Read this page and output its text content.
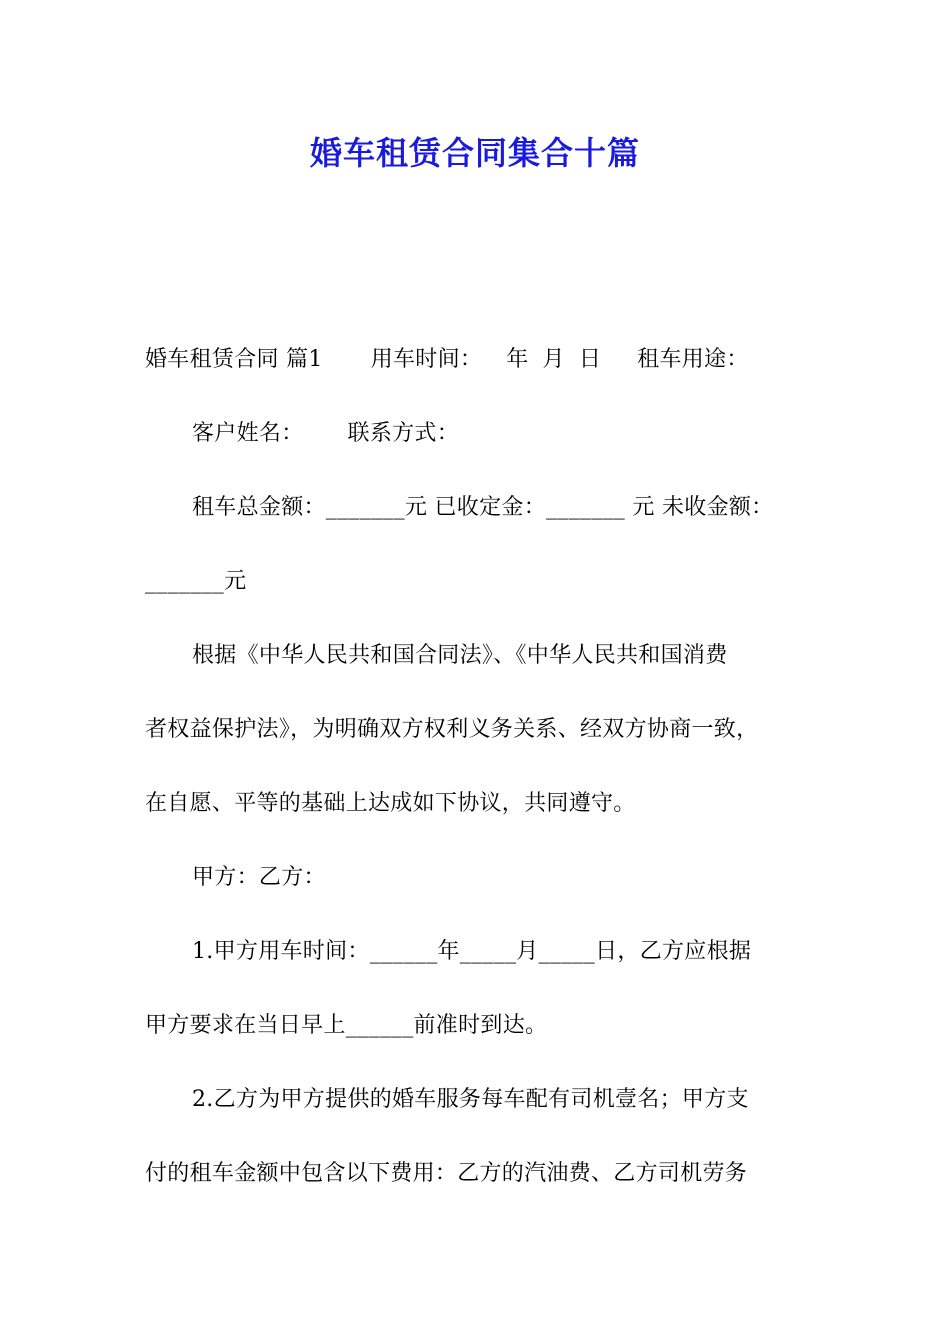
婚车租赁合同集合十篇
婚车租赁合同 篇1 用车时间： 年 月 日 租车用途：
客户姓名： 联系方式：
租车总金额：_______元 已收定金：_______ 元 未收金额：
_______元
根据《中华人民共和国合同法》、《中华人民共和国消费
者权益保护法》，为明确双方权利义务关系、经双方协商一致，
在自愿、平等的基础上达成如下协议，共同遵守。
甲方：乙方：
1.甲方用车时间：______年_____月_____日，乙方应根据
甲方要求在当日早上______前准时到达。
2.乙方为甲方提供的婚车服务每车配有司机壹名；甲方支
付的租车金额中包含以下费用：乙方的汽油费、乙方司机劳务
